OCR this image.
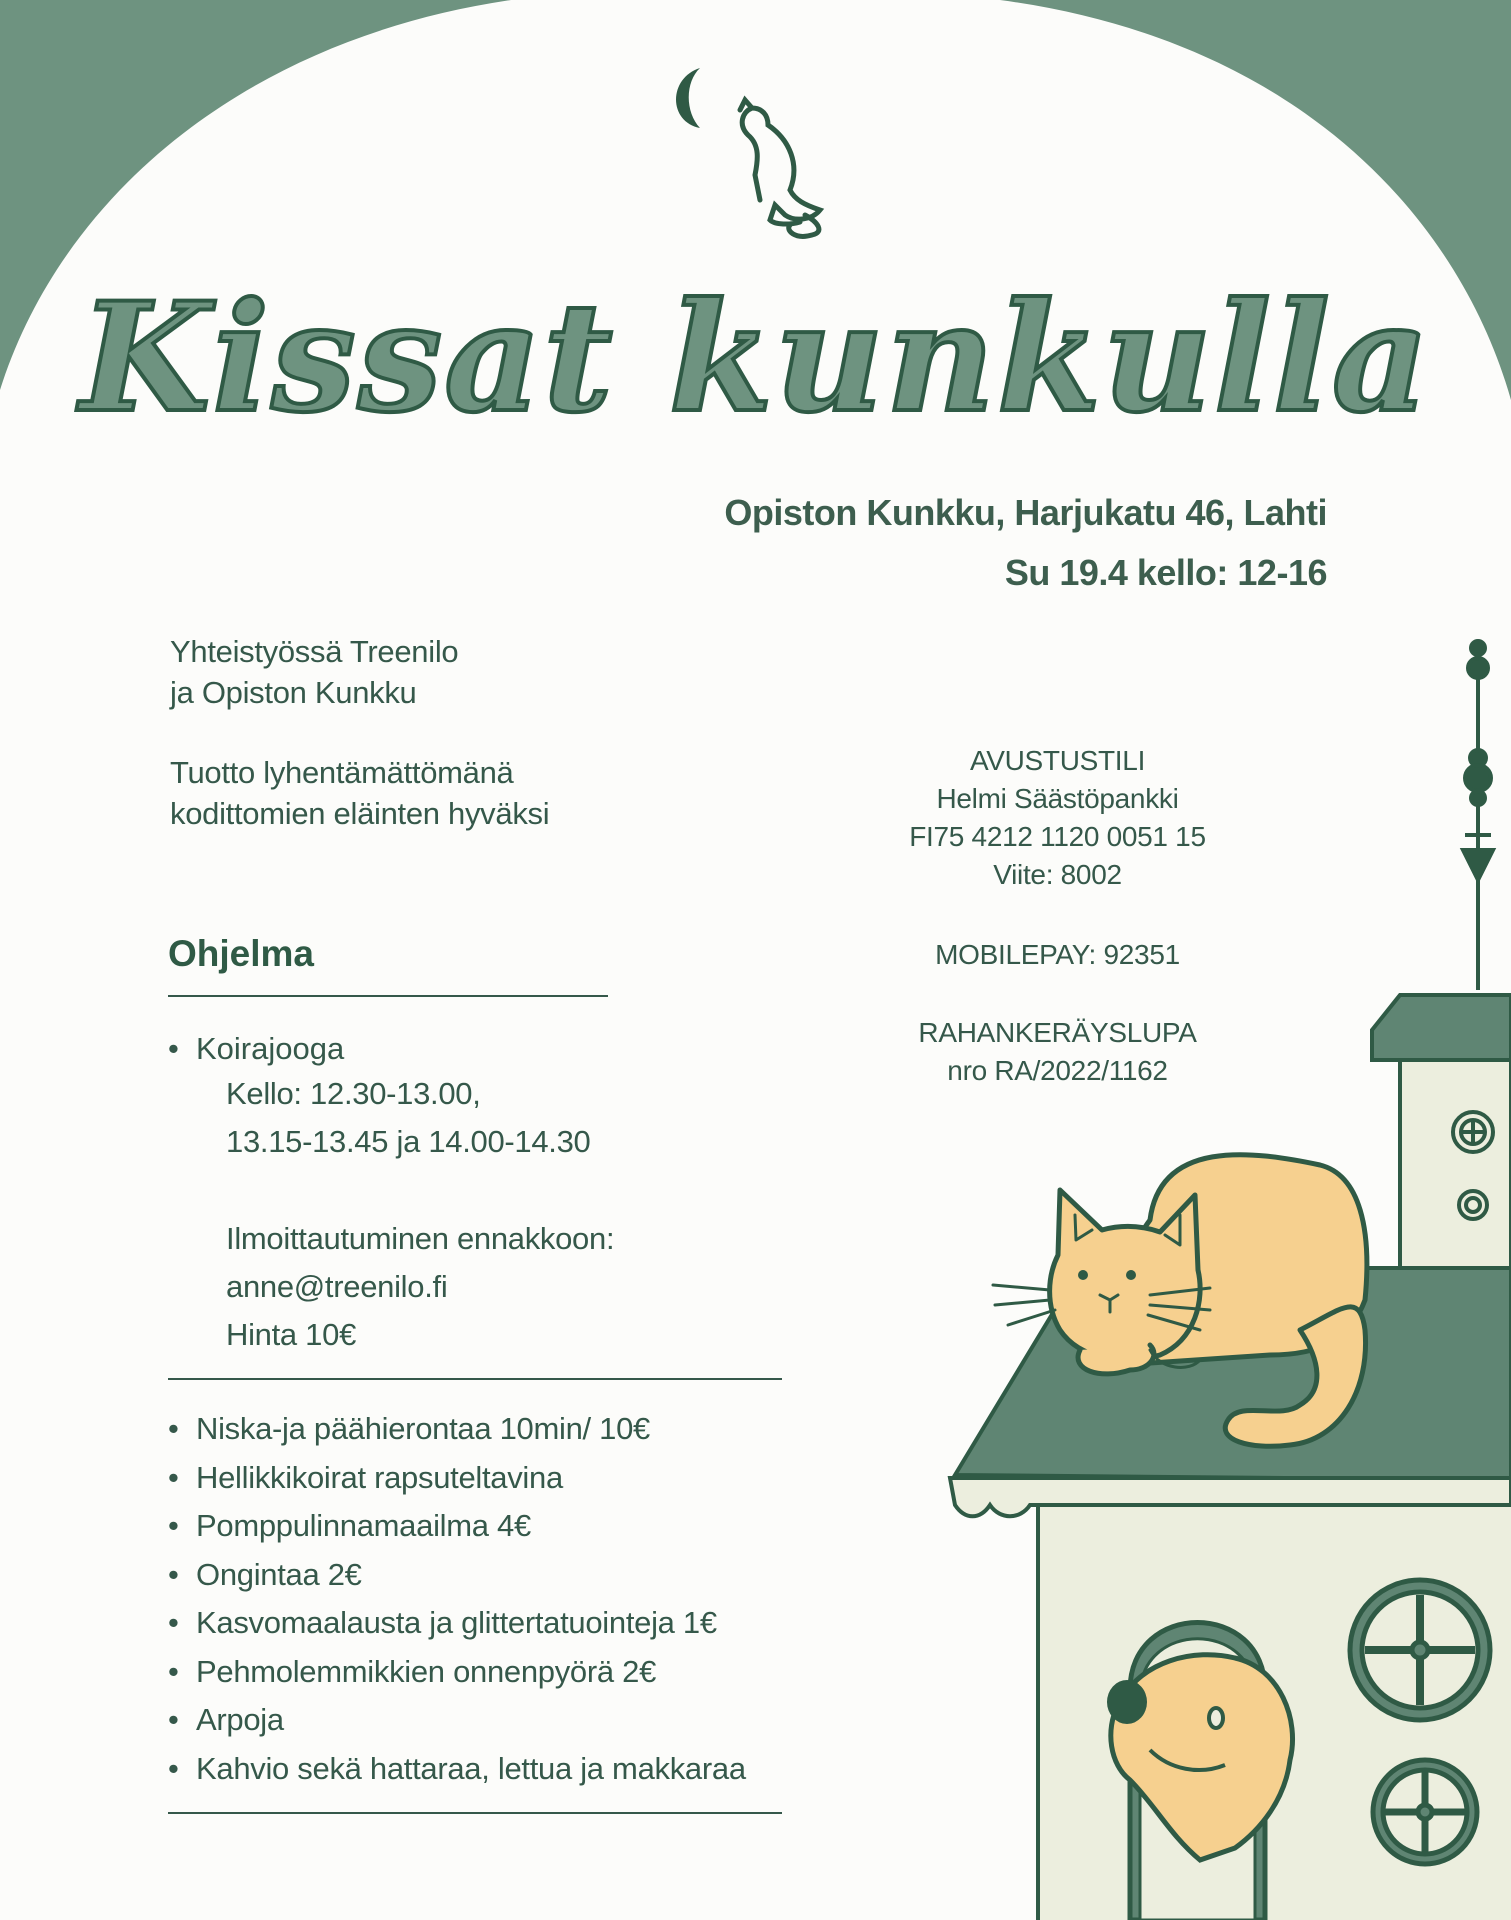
Kissat kunkulla
Opiston Kunkku, Harjukatu 46, Lahti
Su 19.4 kello: 12-16
Yhteistyössä Treenilo
ja Opiston Kunkku
Tuotto lyhentämättömänä
kodittomien eläinten hyväksi
Ohjelma
• Koirajooga
Kello: 12.30-13.00,
13.15-13.45 ja 14.00-14.30
Ilmoittautuminen ennakkoon:
anne@treenilo.fi
Hinta 10€
• Niska-ja päähierontaa 10min/ 10€
• Hellikkikoirat rapsuteltavina
• Pomppulinnamaailma 4€
• Ongintaa 2€
• Kasvomaalausta ja glittertatuointeja 1€
• Pehmolemmikkien onnenpyörä 2€
• Arpoja
• Kahvio sekä hattaraa, lettua ja makkaraa
AVUSTUSTILI
Helmi Säästöpankki
FI75 4212 1120 0051 15
Viite: 8002
MOBILEPAY: 92351
RAHANKERÄYSLUPA
nro RA/2022/1162
